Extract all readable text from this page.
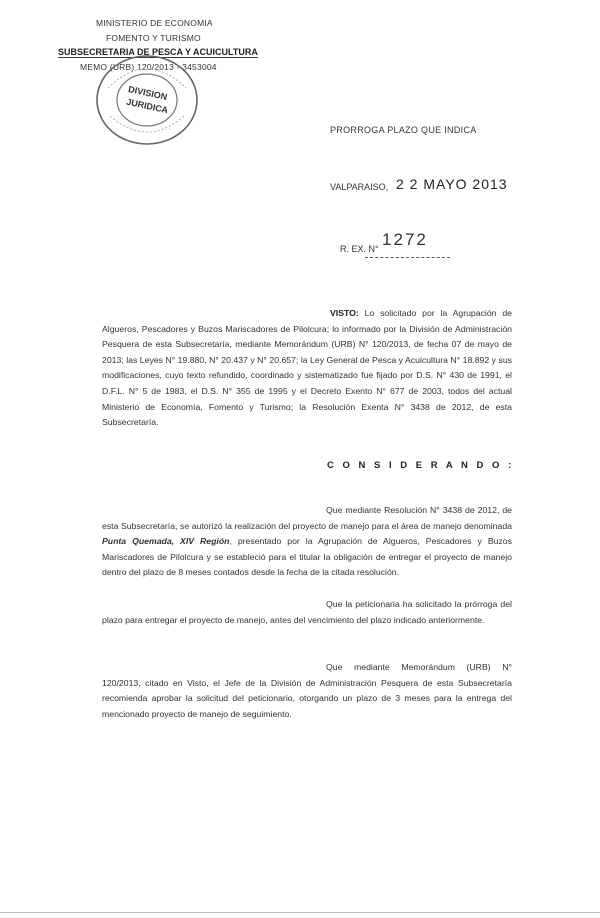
MINISTERIO DE ECONOMIA
FOMENTO Y TURISMO
SUBSECRETARIA DE PESCA Y ACUICULTURA
MEMO (URB) 120/2013 - 3453004
DIVISION
JURIDICA
PRORROGA PLAZO QUE INDICA
VALPARAISO, 2 2 MAYO 2013
R. EX. N° 1272
VISTO: Lo solicitado por la Agrupación de Algueros, Pescadores y Buzos Mariscadores de Pilolcura; lo informado por la División de Administración Pesquera de esta Subsecretaría, mediante Memorándum (URB) N° 120/2013, de fecha 07 de mayo de 2013; las Leyes N° 19.880, N° 20.437 y N° 20.657; la Ley General de Pesca y Acuicultura N° 18.892 y sus modificaciones, cuyo texto refundido, coordinado y sistematizado fue fijado por D.S. N° 430 de 1991, el D.F.L. N° 5 de 1983, el D.S. N° 355 de 1995 y el Decreto Exento N° 677 de 2003, todos del actual Ministerio de Economía, Fomento y Turismo; la Resolución Exenta N° 3438 de 2012, de esta Subsecretaría.
C O N S I D E R A N D O :
Que mediante Resolución N° 3438 de 2012, de esta Subsecretaría, se autorizó la realización del proyecto de manejo para el área de manejo denominada Punta Quemada, XIV Región, presentado por la Agrupación de Algueros, Pescadores y Buzos Mariscadores de Pilolcura y se estableció para el titular la obligación de entregar el proyecto de manejo dentro del plazo de 8 meses contados desde la fecha de la citada resolución.
Que la peticionaria ha solicitado la prórroga del plazo para entregar el proyecto de manejo, antes del vencimiento del plazo indicado anteriormente.
Que mediante Memorándum (URB) N° 120/2013, citado en Visto, el Jefe de la División de Administración Pesquera de esta Subsecretaría recomienda aprobar la solicitud del peticionario, otorgando un plazo de 3 meses para la entrega del mencionado proyecto de manejo de seguimiento.
